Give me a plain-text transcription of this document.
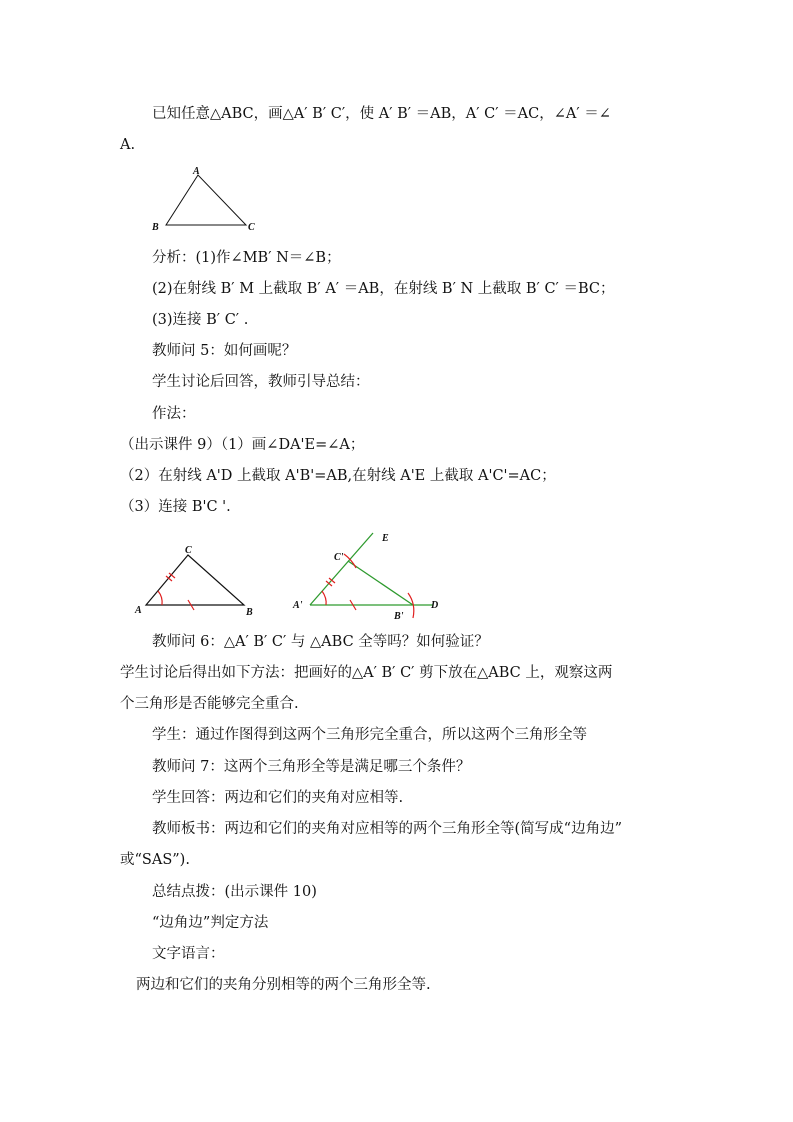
已知任意△ABC，画△A′ B′ C′，使 A′ B′ ＝AB，A′ C′ ＝AC，∠A′ ＝∠
A.
A
B	C
分析：(1)作∠MB′ N＝∠B；
(2)在射线 B′ M 上截取 B′ A′ ＝AB，在射线 B′ N 上截取 B′ C′ ＝BC；
(3)连接 B′ C′ .
教师问 5：如何画呢？
学生讨论后回答，教师引导总结：
作法：
（出示课件 9）（1）画∠DA'E=∠A；
（2）在射线 A'D 上截取 A'B'=AB,在射线 A'E 上截取 A'C'=AC；
（3）连接 B'C '.
C
A	B
C'
E
A'
B'
D
教师问 6：△A′ B′ C′ 与 △ABC 全等吗？如何验证？
学生讨论后得出如下方法：把画好的△A′ B′ C′ 剪下放在△ABC 上，观察这两
个三角形是否能够完全重合.
学生：通过作图得到这两个三角形完全重合，所以这两个三角形全等
教师问 7：这两个三角形全等是满足哪三个条件？
学生回答：两边和它们的夹角对应相等.
教师板书：两边和它们的夹角对应相等的两个三角形全等(简写成“边角边”
或“SAS”).
总结点拨：(出示课件 10)
“边角边”判定方法
文字语言：
两边和它们的夹角分别相等的两个三角形全等.
